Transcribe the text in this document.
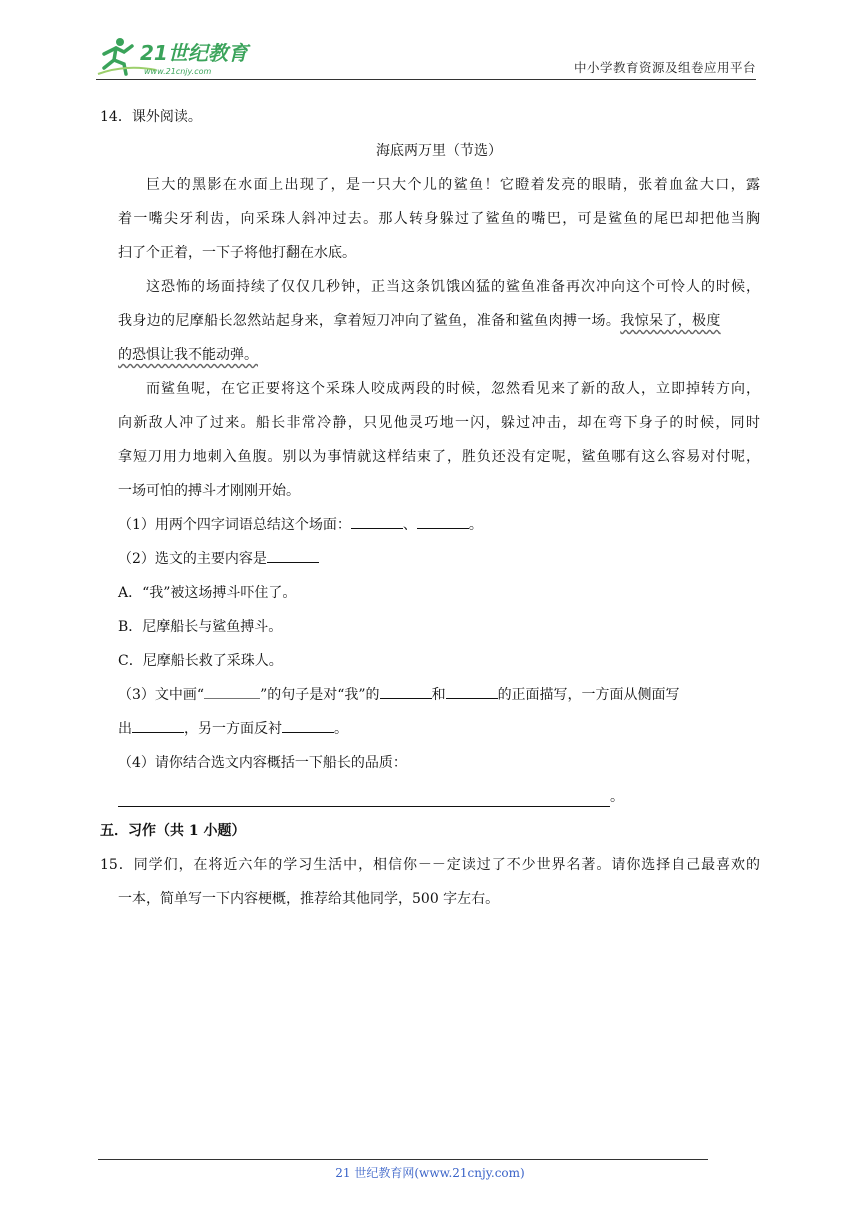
21世纪教育
www.21cnjy.com	中小学教育资源及组卷应用平台
14．课外阅读。
海底两万里（节选）
巨大的黑影在水面上出现了，是一只大个儿的鲨鱼！它瞪着发亮的眼睛，张着血盆大口，露
着一嘴尖牙利齿，向采珠人斜冲过去。那人转身躲过了鲨鱼的嘴巴，可是鲨鱼的尾巴却把他当胸
扫了个正着，一下子将他打翻在水底。
这恐怖的场面持续了仅仅几秒钟，正当这条饥饿凶猛的鲨鱼准备再次冲向这个可怜人的时候，
我身边的尼摩船长忽然站起身来，拿着短刀冲向了鲨鱼，准备和鲨鱼肉搏一场。我惊呆了，极度
的恐惧让我不能动弹。
而鲨鱼呢，在它正要将这个采珠人咬成两段的时候，忽然看见来了新的敌人，立即掉转方向，
向新敌人冲了过来。船长非常冷静，只见他灵巧地一闪，躲过冲击，却在弯下身子的时候，同时
拿短刀用力地刺入鱼腹。别以为事情就这样结束了，胜负还没有定呢，鲨鱼哪有这么容易对付呢，
一场可怕的搏斗才刚刚开始。
（1）用两个四字词语总结这个场面：	、	。
（2）选文的主要内容是
A．“我”被这场搏斗吓住了。
B．尼摩船长与鲨鱼搏斗。
C．尼摩船长救了采珠人。
（3）文中画“	”的句子是对“我”的	和	的正面描写，一方面从侧面写
出	，另一方面反衬	。
（4）请你结合选文内容概括一下船长的品质：
。
五．习作（共 1 小题）
15．同学们，在将近六年的学习生活中，相信你－－定读过了不少世界名著。请你选择自己最喜欢的
一本，简单写一下内容梗概，推荐给其他同学，500 字左右。
21 世纪教育网(www.21cnjy.com)
